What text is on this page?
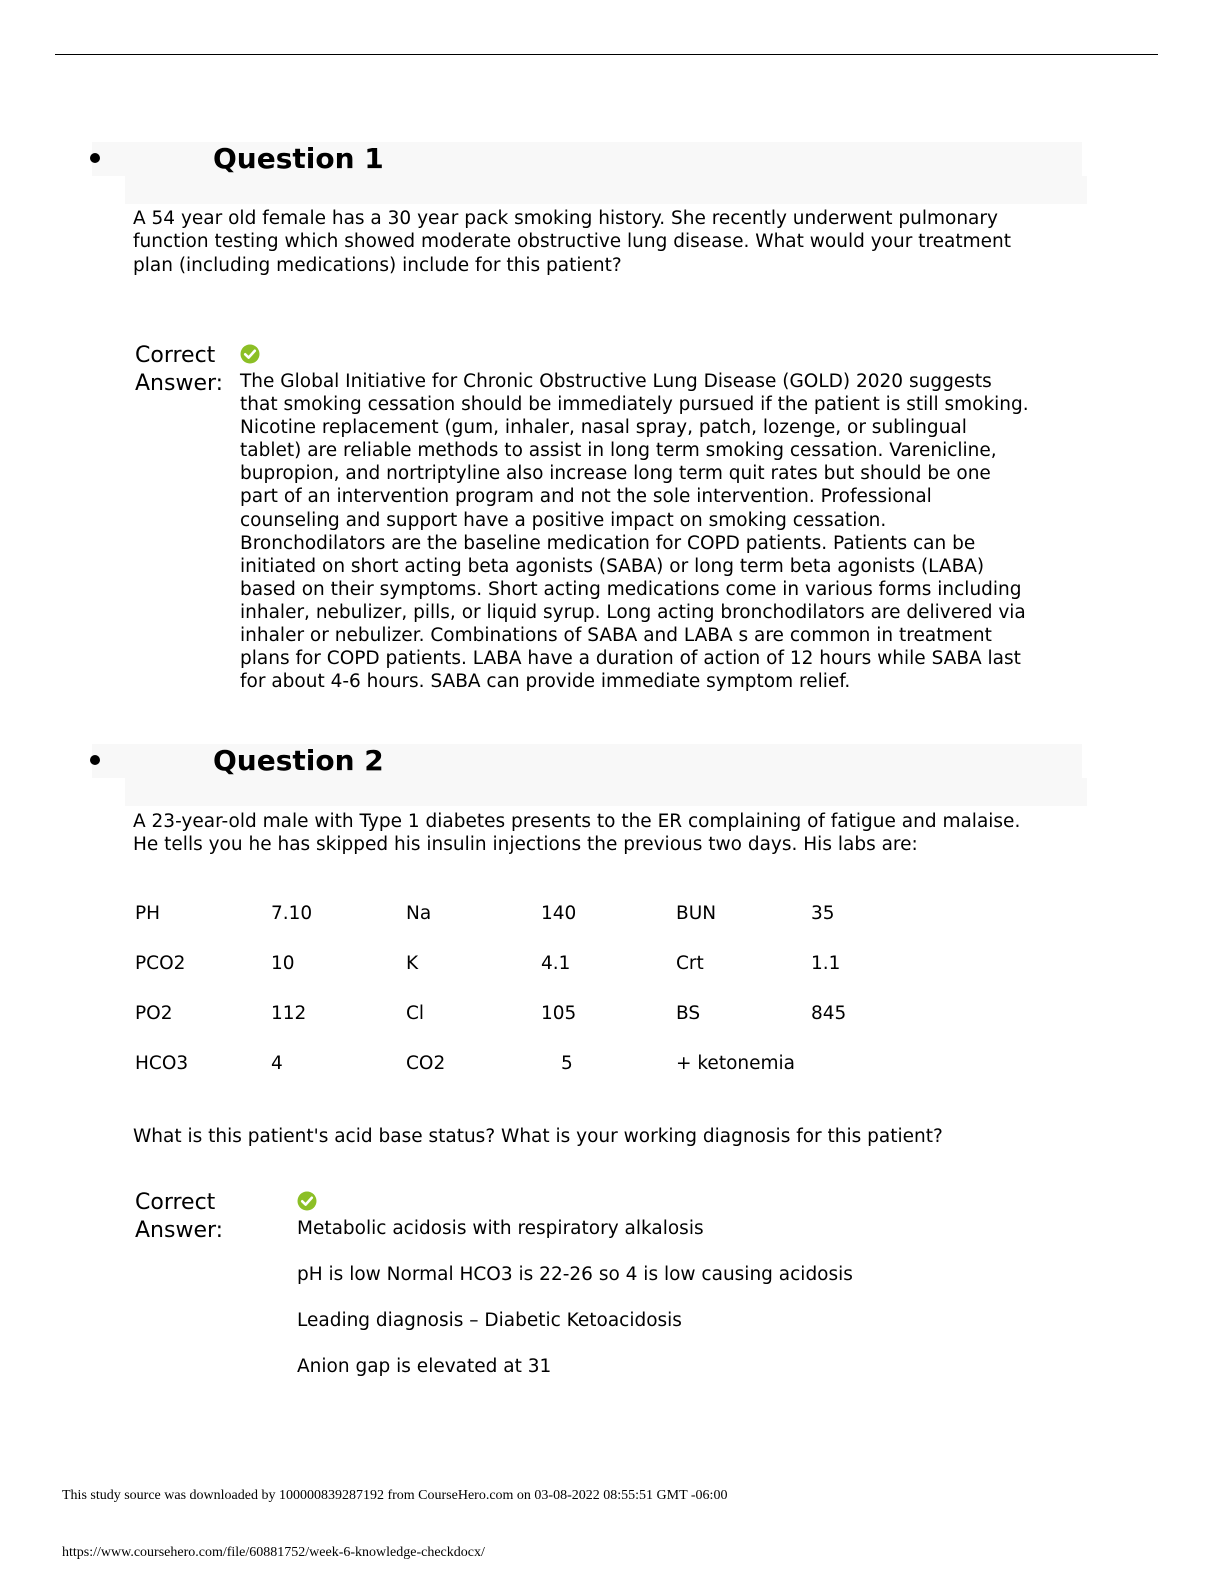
Question 1

A 54 year old female has a 30 year pack smoking history. She recently underwent pulmonary function testing which showed moderate obstructive lung disease. What would your treatment plan (including medications) include for this patient?

Correct Answer: The Global Initiative for Chronic Obstructive Lung Disease (GOLD) 2020 suggests that smoking cessation should be immediately pursued if the patient is still smoking. Nicotine replacement (gum, inhaler, nasal spray, patch, lozenge, or sublingual tablet) are reliable methods to assist in long term smoking cessation. Varenicline, bupropion, and nortriptyline also increase long term quit rates but should be one part of an intervention program and not the sole intervention. Professional counseling and support have a positive impact on smoking cessation.

Bronchodilators are the baseline medication for COPD patients. Patients can be initiated on short acting beta agonists (SABA) or long term beta agonists (LABA) based on their symptoms. Short acting medications come in various forms including inhaler, nebulizer, pills, or liquid syrup. Long acting bronchodilators are delivered via inhaler or nebulizer. Combinations of SABA and LABA s are common in treatment plans for COPD patients. LABA have a duration of action of 12 hours while SABA last for about 4-6 hours. SABA can provide immediate symptom relief.

Question 2

A 23-year-old male with Type 1 diabetes presents to the ER complaining of fatigue and malaise. He tells you he has skipped his insulin injections the previous two days. His labs are:

PH	7.10	Na	140	BUN	35
PCO2	10	K	4.1	Crt	1.1
PO2	112	Cl	105	BS	845
HCO3	4	CO2	5	+ ketonemia	

What is this patient's acid base status? What is your working diagnosis for this patient?

Correct Answer:	Metabolic acidosis with respiratory alkalosis

pH is low Normal HCO3 is 22-26 so 4 is low causing acidosis

Leading diagnosis – Diabetic Ketoacidosis

Anion gap is elevated at 31

This study source was downloaded by 100000839287192 from CourseHero.com on 03-08-2022 08:55:51 GMT -06:00
https://www.coursehero.com/file/60881752/week-6-knowledge-checkdocx/
